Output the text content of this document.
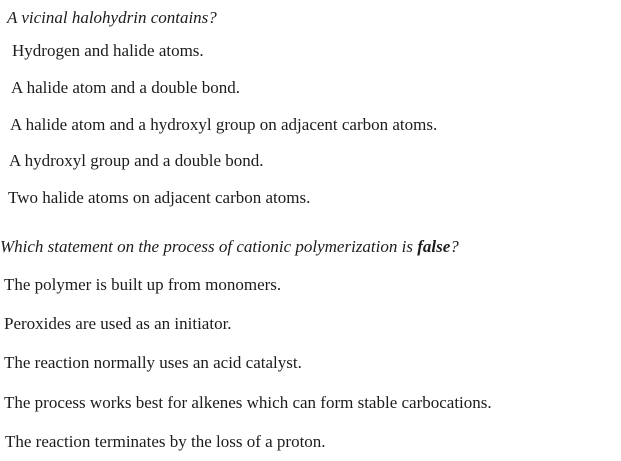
A vicinal halohydrin contains?
Hydrogen and halide atoms.
A halide atom and a double bond.
A halide atom and a hydroxyl group on adjacent carbon atoms.
A hydroxyl group and a double bond.
Two halide atoms on adjacent carbon atoms.
Which statement on the process of cationic polymerization is false?
The polymer is built up from monomers.
Peroxides are used as an initiator.
The reaction normally uses an acid catalyst.
The process works best for alkenes which can form stable carbocations.
The reaction terminates by the loss of a proton.
